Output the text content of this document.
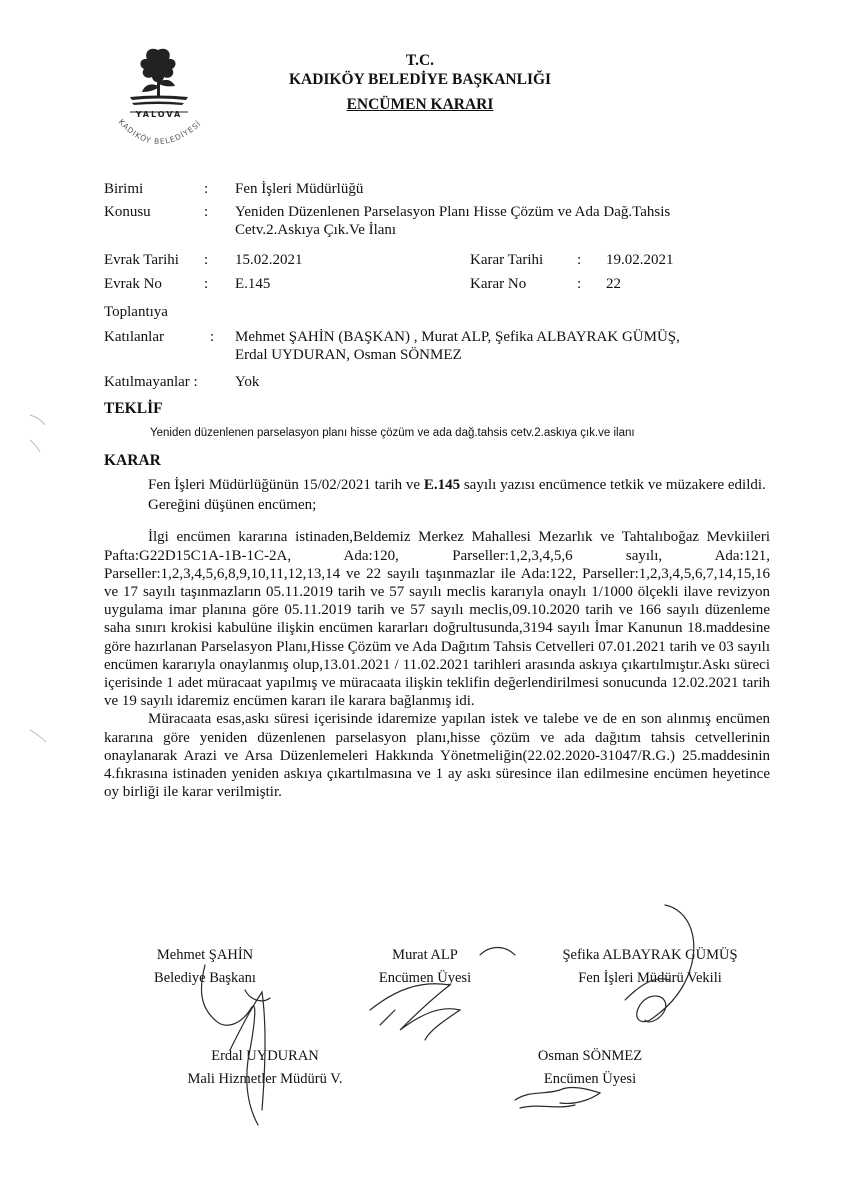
YALOVA
KADIKÖY BELEDİYESİ
T.C.
KADIKÖY BELEDİYE BAŞKANLIĞI
ENCÜMEN KARARI
Birimi	: Fen İşleri Müdürlüğü
Konusu	: Yeniden Düzenlenen Parselasyon Planı Hisse Çözüm ve Ada Dağ.Tahsis
Cetv.2.Askıya Çık.Ve İlanı
Evrak Tarihi : 15.02.2021	Karar Tarihi : 19.02.2021
Evrak No	: E.145	Karar No	: 22
Toplantıya
Katılanlar	: Mehmet ŞAHİN (BAŞKAN) , Murat ALP, Şefika ALBAYRAK GÜMÜŞ,
Erdal UYDURAN, Osman SÖNMEZ
Katılmayanlar : Yok
TEKLİF
Yeniden düzenlenen parselasyon planı hisse çözüm ve ada dağ.tahsis cetv.2.askıya çık.ve ilanı
KARAR

Fen İşleri Müdürlüğünün 15/02/2021 tarih ve E.145 sayılı yazısı encümence tetkik ve müzakere edildi.

Gereğini düşünen encümen;

İlgi encümen kararına istinaden,Beldemiz Merkez Mahallesi Mezarlık ve Tahtalıboğaz Mevkiileri Pafta:G22D15C1A-1B-1C-2A, Ada:120, Parseller:1,2,3,4,5,6 sayılı, Ada:121, Parseller:1,2,3,4,5,6,8,9,10,11,12,13,14 ve 22 sayılı taşınmazlar ile Ada:122, Parseller:1,2,3,4,5,6,7,14,15,16 ve 17 sayılı taşınmazların 05.11.2019 tarih ve 57 sayılı meclis kararıyla onaylı 1/1000 ölçekli ilave revizyon uygulama imar planına göre 05.11.2019 tarih ve 57 sayılı meclis,09.10.2020 tarih ve 166 sayılı düzenleme saha sınırı krokisi kabulüne ilişkin encümen kararları doğrultusunda,3194 sayılı İmar Kanunun 18.maddesine göre hazırlanan Parselasyon Planı,Hisse Çözüm ve Ada Dağıtım Tahsis Cetvelleri 07.01.2021 tarih ve 03 sayılı encümen kararıyla onaylanmış olup,13.01.2021 / 11.02.2021 tarihleri arasında askıya çıkartılmıştır.Askı süreci içerisinde 1 adet müracaat yapılmış ve müracaata ilişkin teklifin değerlendirilmesi sonucunda 12.02.2021 tarih ve 19 sayılı idaremiz encümen kararı ile karara bağlanmış idi.

Müracaata esas,askı süresi içerisinde idaremize yapılan istek ve talebe ve de en son alınmış encümen kararına göre yeniden düzenlenen parselasyon planı,hisse çözüm ve ada dağıtım tahsis cetvellerinin onaylanarak Arazi ve Arsa Düzenlemeleri Hakkında Yönetmeliğin(22.02.2020-31047/R.G.) 25.maddesinin 4.fıkrasına istinaden yeniden askıya çıkartılmasına ve 1 ay askı süresince ilan edilmesine encümen heyetince oy birliği ile karar verilmiştir.

Mehmet ŞAHİN
Belediye Başkanı
Murat ALP
Encümen Üyesi
Şefika ALBAYRAK GÜMÜŞ
Fen İşleri Müdürü Vekili
Erdal UYDURAN
Mali Hizmetler Müdürü V.
Osman SÖNMEZ
Encümen Üyesi
